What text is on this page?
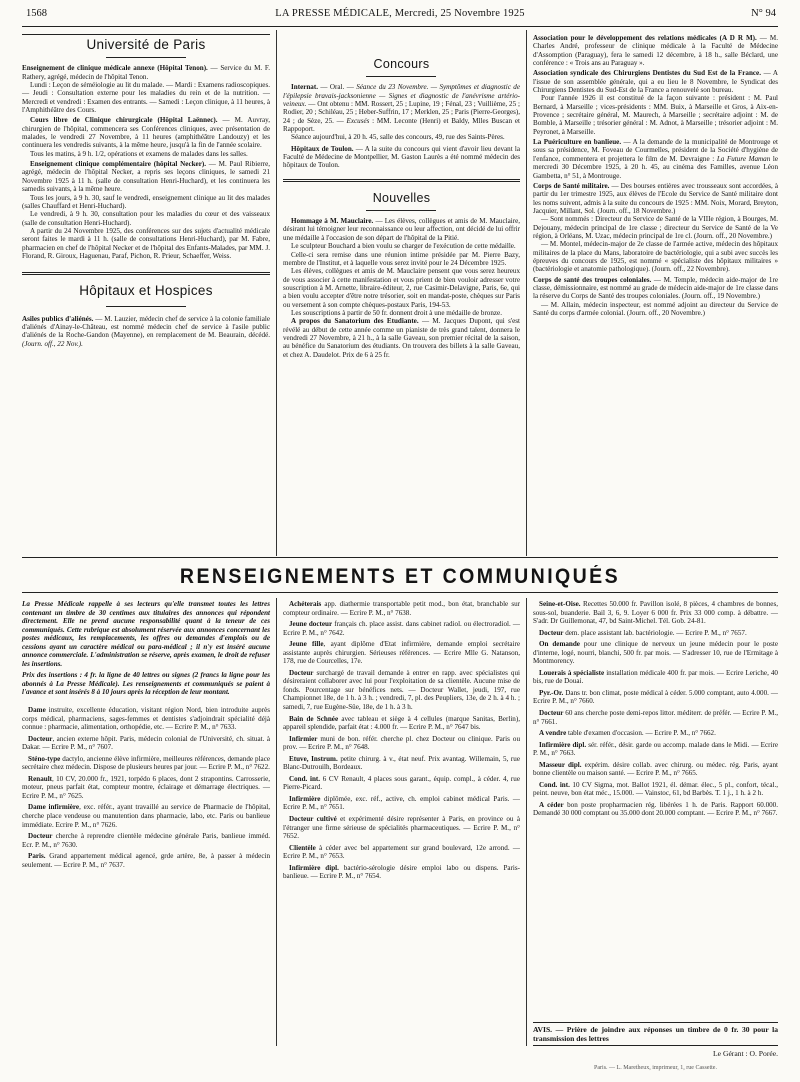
1568	LA PRESSE MÉDICALE, Mercredi, 25 Novembre 1925	N° 94
Université de Paris

Enseignement de clinique médicale annexe (Hôpital Tenon). — Service du M. F. Rathery, agrégé, médecin de l'hôpital Tenon.

Lundi : Leçon de séméiologie au lit du malade. — Mardi : Examens radioscopiques. — Jeudi : Consultation externe pour les maladies du rein et de la nutrition. — Mercredi et vendredi : Examen des entrants. — Samedi : Leçon clinique, à 11 heures, à l'Amphithéâtre des Cours.

Cours libre de Clinique chirurgicale (Hôpital Laënnec). — M. Auvray, chirurgien de l'hôpital, commencera ses Conférences cliniques, avec présentation de malades, le vendredi 27 Novembre, à 11 heures (amphithéâtre Landouzy) et les continuera les vendredis suivants, à la même heure, jusqu'à la fin de l'année scolaire.

Tous les matins, à 9 h. 1/2, opérations et examens de malades dans les salles.

Enseignement clinique complémentaire (hôpital Necker). — M. Paul Ribierre, agrégé, médecin de l'hôpital Necker, a repris ses leçons cliniques, le samedi 21 Novembre 1925 à 11 h. (salle de consultation Henri-Huchard), et les continuera les samedis suivants, à la même heure.

Tous les jours, à 9 h. 30, sauf le vendredi, enseignement clinique au lit des malades (salles Chauffard et Henri-Huchard).

Le vendredi, à 9 h. 30, consultation pour les maladies du cœur et des vaisseaux (salle de consultation Henri-Huchard).

A partir du 24 Novembre 1925, des conférences sur des sujets d'actualité médicale seront faites le mardi à 11 h. (salle de consultations Henri-Huchard), par M. Fabre, pharmacien en chef de l'hôpital Necker et de l'hôpital des Enfants-Malades, par MM. J. Florand, R. Giroux, Haguenau, Paraf, Pichon, R. Prieur, Schaeffer, Weiss.

Hôpitaux et Hospices

Asiles publics d'aliénés. — M. Lauzier, médecin chef de service à la colonie familiale d'aliénés d'Ainay-le-Château, est nommé médecin chef de service à l'asile public d'aliénés de la Roche-Gandon (Mayenne), en remplacement de M. Beaurain, décédé. (Journ. off., 22 Nov.).

Concours

Internat. — Oral. — Séance du 23 Novembre. — Symptômes et diagnostic de l'épilepsie bravais-jacksonienne — Signes et diagnostic de l'anévrisme artério-veineux. — Ont obtenu : MM. Rossert, 25 ; Lupine, 19 ; Fénal, 23 ; Vuillième, 25 ; Rodier, 20 ; Schiléau, 25 ; Heber-Suffrin, 17 ; Merklen, 25 ; Paris (Pierre-Georges), 24 ; de Sèze, 25. — Excusés : MM. Leconte (Henri) et Baldy, Mlles Buscan et Rappoport.

Séance aujourd'hui, à 20 h. 45, salle des concours, 49, rue des Saints-Pères.

Hôpitaux de Toulon. — A la suite du concours qui vient d'avoir lieu devant la Faculté de Médecine de Montpellier, M. Gaston Laurès a été nommé médecin des hôpitaux de Toulon.

Nouvelles

Hommage à M. Mauclaire. — Les élèves, collègues et amis de M. Mauclaire, désirant lui témoigner leur reconnaissance ou leur affection, ont décidé de lui offrir une médaille à l'occasion de son départ de l'hôpital de la Pitié.

Le sculpteur Bouchard a bien voulu se charger de l'exécution de cette médaille.

Celle-ci sera remise dans une réunion intime présidée par M. Pierre Bazy, membre de l'Institut, et à laquelle vous serez invité pour le 24 Décembre 1925.

Les élèves, collègues et amis de M. Mauclaire pensent que vous serez heureux de vous associer à cette manifestation et vous prient de bien vouloir adresser votre souscription à M. Arnette, libraire-éditeur, 2, rue Casimir-Delavigne, Paris, 6e, qui a bien voulu accepter d'être notre trésorier, soit en mandat-poste, chèques sur Paris ou versement à son compte chèques-postaux Paris, 194-53.

Les souscriptions à partir de 50 fr. donnent droit à une médaille de bronze.

A propos du Sanatorium des Etudiante. — M. Jacques Dupont, qui s'est révélé au début de cette année comme un pianiste de très grand talent, donnera le vendredi 27 Novembre, à 21 h., à la salle Gaveau, son premier récital de la saison, au bénéfice du Sanatorium des étudiants. On trouvera des billets à la salle Gaveau, et chez A. Daudelot. Prix de 6 à 25 fr.

Association pour le développement des relations médicales (A D R M). — M. Charles André, professeur de clinique médicale à la Faculté de Médecine d'Assomption (Paraguay), fera le samedi 12 décembre, à 18 h., salle Béclard, une conférence : « Trois ans au Paraguay ».

Association syndicale des Chirurgiens Dentistes du Sud Est de la France. — A l'issue de son assemblée générale, qui a eu lieu le 8 Novembre, le Syndicat des Chirurgiens Dentistes du Sud-Est de la France a renouvelé son bureau.

Pour l'année 1926 il est constitué de la façon suivante : président : M. Paul Bernard, à Marseille ; vices-présidents : MM. Buix, à Marseille et Gros, à Aix-en-Provence ; secrétaire général, M. Maurech, à Marseille ; secrétaire adjoint : M. de Bomble, à Marseille ; trésorier général : M. Adnot, à Marseille ; trésorier adjoint : M. Peyronet, à Marseille.

La Puériculture en banlieue. — A la demande de la municipalité de Montrouge et sous sa présidence, M. Foveau de Courmelles, président de la Société d'hygiène de l'enfance, commentera et projettera le film de M. Devraigne : La Future Maman le mercredi 30 Décembre 1925, à 20 h. 45, au cinéma des Familles, avenue Léon Gambetta, n° 51, à Montrouge.

Corps de Santé militaire. — Des bourses entières avec trousseaux sont accordées, à partir du 1er trimestre 1925, aux élèves de l'Ecole du Service de Santé militaire dont les noms suivent, admis à la suite du concours de 1925 : MM. Noix, Morard, Breyton, Jacquier, Millant, Sol. (Journ. off., 18 Novembre.)

— Sont nommés : Directeur du Service de Santé de la VIIIe région, à Bourges, M. Dejouany, médecin principal de 1re classe ; directeur du Service de Santé de la Ve région, à Orléans, M. Uzac, médecin principal de 1re cl. (Journ. off., 20 Novembre.)

— M. Montel, médecin-major de 2e classe de l'armée active, médecin des hôpitaux militaires de la place du Mans, laboratoire de bactériologie, qui a subi avec succès les épreuves du concours de 1925, est nommé « spécialiste des hôpitaux militaires » (bactériologie et anatomie pathologique). (Journ. off., 22 Novembre).

Corps de santé des troupes coloniales. — M. Temple, médecin aide-major de 1re classe, démissionnaire, est nommé au grade de médecin aide-major de 1re classe dans la réserve du Corps de Santé des troupes coloniales. (Journ. off., 19 Novembre.)

— M. Allain, médecin inspecteur, est nommé adjoint au directeur du Service de Santé du corps d'armée colonial. (Journ. off., 20 Novembre.)

RENSEIGNEMENTS ET COMMUNIQUÉS

La Presse Médicale rappelle à ses lecteurs qu'elle transmet toutes les lettres contenant un timbre de 30 centimes aux titulaires des annonces qui répondent directement. Elle ne prend aucune responsabilité quant à la teneur de ces communiqués. Cette rubrique est absolument réservée aux annonces concernant les postes médicaux, les remplacements, les offres ou demandes d'emplois ou de cessions ayant un caractère médical ou para-médical ; il n'y est inséré aucune annonce commerciale. L'administration se réserve, après examen, le droit de refuser les insertions.

Prix des insertions : 4 fr. la ligne de 40 lettres ou signes (2 francs la ligne pour les abonnés à La Presse Médicale). Les renseignements et communiqués se paient à l'avance et sont insérés 8 à 10 jours après la réception de leur montant.

Dame instruite, excellente éducation, visitant région Nord, bien introduite auprès corps médical, pharmaciens, sages-femmes et dentistes s'adjoindrait spécialité déjà connue : pharmacie, alimentation, orthopédie, etc. — Ecrire P. M., n° 7633.

Docteur, ancien externe hôpit. Paris, médecin colonial de l'Université, ch. situat. à Dakar. — Ecrire P. M., n° 7607.

Sténo-type dactylo, ancienne élève infirmière, meilleures références, demande place secrétaire chez médecin. Dispose de plusieurs heures par jour. — Ecrire P. M., n° 7622.

Renault, 10 CV, 20.000 fr., 1921, torpédo 6 places, dont 2 strapontins. Carrosserie, moteur, pneus parfait état, compteur montre, éclairage et démarrage électriques. — Ecrire P. M., n° 7625.

Dame infirmière, exc. référ., ayant travaillé au service de Pharmacie de l'hôpital, cherche place vendeuse ou manutention dans pharmacie, labo, etc. Paris ou banlieue immédiate. Ecrire P. M., n° 7626.

Docteur cherche à reprendre clientèle médecine générale Paris, banlieue imméd. Ecr. P. M., n° 7630.

Paris. Grand appartement médical agencé, grde artère, 8e, à passer à médecin seulement. — Ecrire P. M., n° 7637.

Achéterais app. diathermie transportable petit mod., bon état, branchable sur compteur ordinaire. — Ecrire P. M., n° 7638.

Jeune docteur français ch. place assist. dans cabinet radiol. ou électroradiol. — Ecrire P. M., n° 7642.

Jeune fille, ayant diplôme d'Etat infirmière, demande emploi secrétaire assistante auprès chirurgien. Sérieuses références. — Ecrire Mlle G. Natanson, 178, rue de Courcelles, 17e.

Docteur surchargé de travail demande à entrer en rapp. avec spécialistes qui désireraient collaborer avec lui pour l'exploitation de sa clientèle. Aucune mise de fonds. Pourcentage sur bénéfices nets. — Docteur Wallet, jeudi, 197, rue Championnet 18e, de 1 h. à 3 h. ; vendredi, 7, pl. des Peupliers, 13e, de 2 h. à 4 h. ; samedi, 7, rue Eugène-Süe, 18e, de 1 h. à 3 h.

Bain de Schnée avec tableau et siège à 4 cellules (marque Sanitas, Berlin), appareil splendide, parfait état : 4.000 fr. — Ecrire P. M., n° 7647 bis.

Infirmier muni de bon. référ. cherche pl. chez Docteur ou clinique. Paris ou prov. — Ecrire P. M., n° 7648.

Etuve, Instrum. petite chirurg. à v., état neuf. Prix avantag. Willemain, 5, rue Blanc-Dutrouilh, Bordeaux.

Cond. int. 6 CV Renault, 4 places sous garant., équip. compl., à céder. 4, rue Pierre-Picard.

Infirmière diplômée, exc. réf., active, ch. emploi cabinet médical Paris. — Ecrire P. M., n° 7651.

Docteur cultivé et expérimenté désire représenter à Paris, en province ou à l'étranger une firme sérieuse de spécialités pharmaceutiques. — Ecrire P. M., n° 7652.

Clientèle à céder avec bel appartement sur grand boulevard, 12e arrond. — Ecrire P. M., n° 7653.

Infirmière dipl. bactério-sérologie désire emploi labo ou dispens. Paris-banlieue. — Ecrire P. M., n° 7654.

Seine-et-Oise. Recettes 50.000 fr. Pavillon isolé, 8 pièces, 4 chambres de bonnes, sous-sol, buanderie. Bail 3, 6, 9. Loyer 6 000 fr. Prix 33 000 comp. à débattre. — S'adr. Dr Guillemonat, 47, bd Saint-Michel. Tél. Gob. 24-81.

Docteur dem. place assistant lab. bactériologie. — Ecrire P. M., n° 7657.

On demande pour une clinique de nerveux un jeune médecin pour le poste d'interne, logé, nourri, blanchi, 500 fr. par mois. — S'adresser 10, rue de l'Ermitage à Montmorency.

Louerais à spécialiste installation médicale 400 fr. par mois. — Ecrire Leriche, 40 bis, rue de Douai.

Pyr.-Or. Dans tr. bon climat, poste médical à céder. 5.000 comptant, auto 4.000. — Ecrire P. M., n° 7660.

Docteur 60 ans cherche poste demi-repos littor. méditerr. de préfér. — Ecrire P. M., n° 7661.

A vendre table d'examen d'occasion. — Ecrire P. M., n° 7662.

Infirmière dipl. sér. référ., désir. garde ou accomp. malade dans le Midi. — Ecrire P. M., n° 7663.

Masseur dipl. expérim. désire collab. avec chirurg. ou médec. rég. Paris, ayant bonne clientèle ou maison santé. — Ecrire P. M., n° 7665.

Cond. int. 10 CV Sigma, mot. Ballot 1921, él. démar. élec., 5 pl., confort, técal., peint. neuve, bon état méc., 15.000. — Vainstoc, 61, bd Barbès. T. 1 j., 1 h. à 2 h.

A céder bon poste propharmacien rég. libérées 1 h. de Paris. Rapport 60.000. Demandé 30 000 comptant ou 35.000 dont 20.000 comptant. — Ecrire P. M., n° 7667.

AVIS. — Prière de joindre aux réponses un timbre de 0 fr. 30 pour la transmission des lettres

Le Gérant : O. Porée.

Paris. — L. Maretheux, imprimeur, 1, rue Cassette.
